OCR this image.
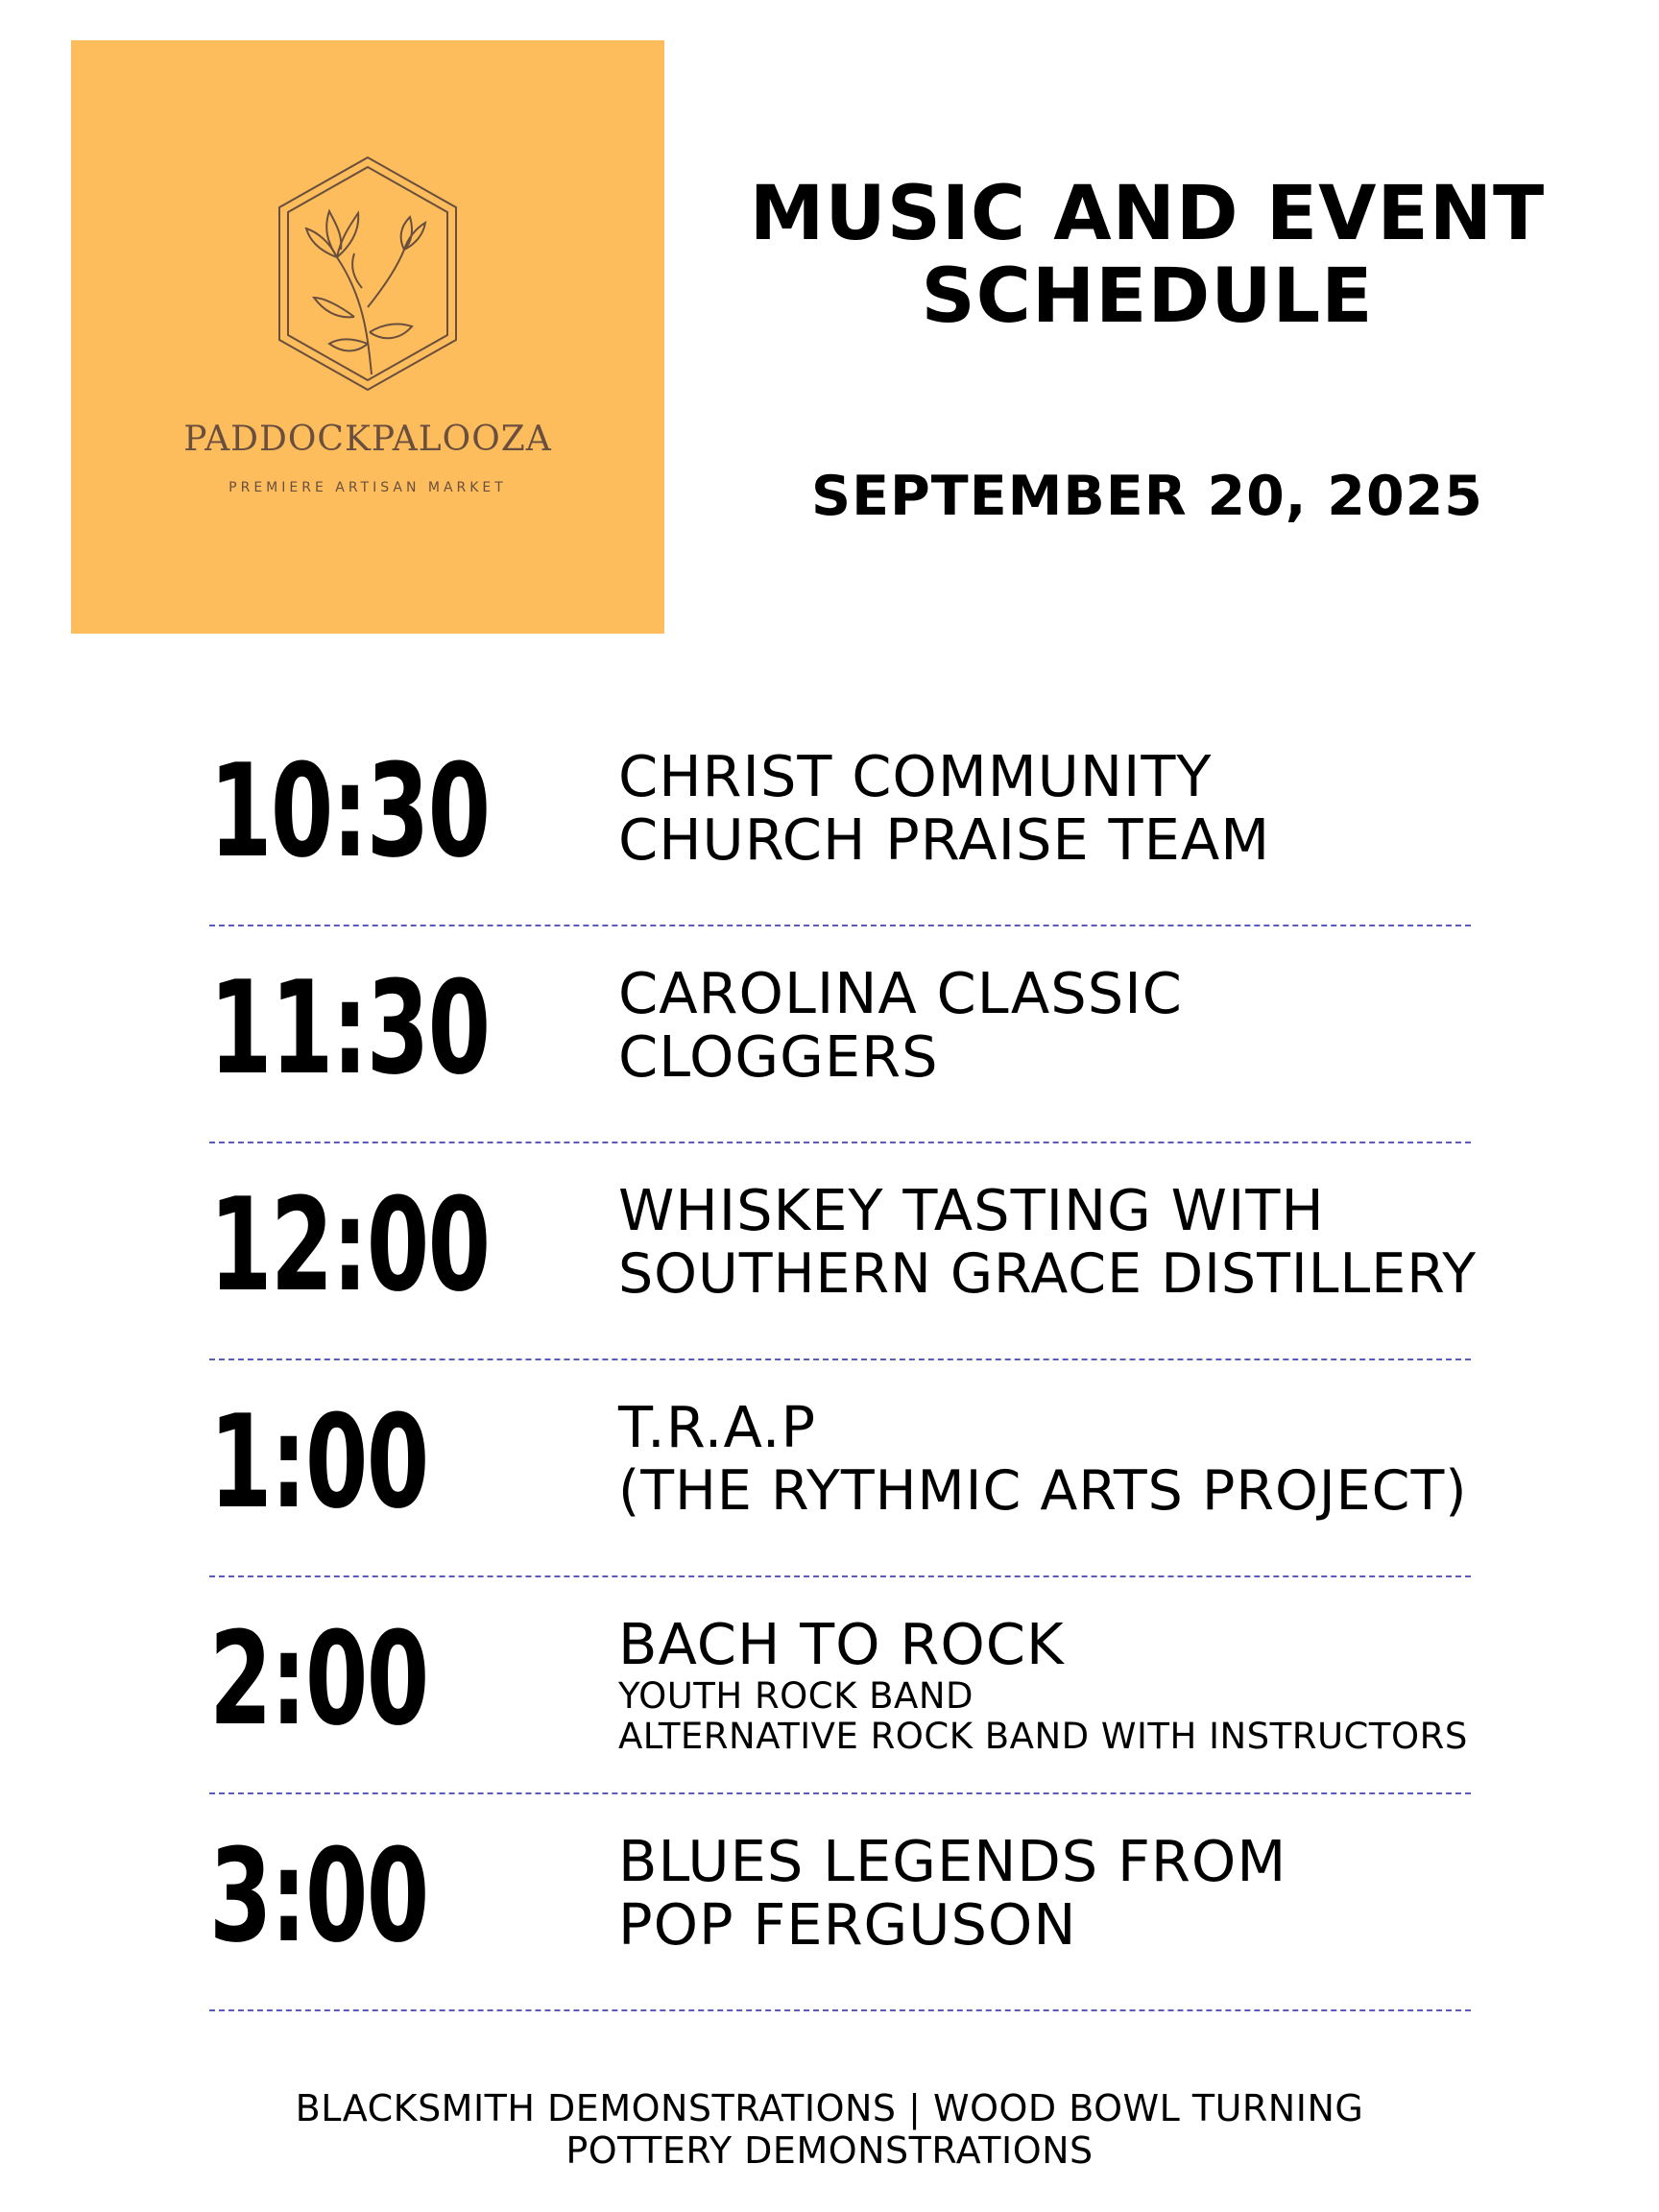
PADDOCKPALOOZA
PREMIERE ARTISAN MARKET
MUSIC AND EVENT
SCHEDULE
SEPTEMBER 20, 2025
10:30 CHRIST COMMUNITY
CHURCH PRAISE TEAM
11:30 CAROLINA CLASSIC
CLOGGERS
12:00 WHISKEY TASTING WITH
SOUTHERN GRACE DISTILLERY
1:00	T.R.A.P
(THE RYTHMIC ARTS PROJECT)
2:00	BACH TO ROCK
YOUTH ROCK BAND
ALTERNATIVE ROCK BAND WITH INSTRUCTORS
3:00	BLUES LEGENDS FROM
POP FERGUSON
BLACKSMITH DEMONSTRATIONS | WOOD BOWL TURNING
POTTERY DEMONSTRATIONS
